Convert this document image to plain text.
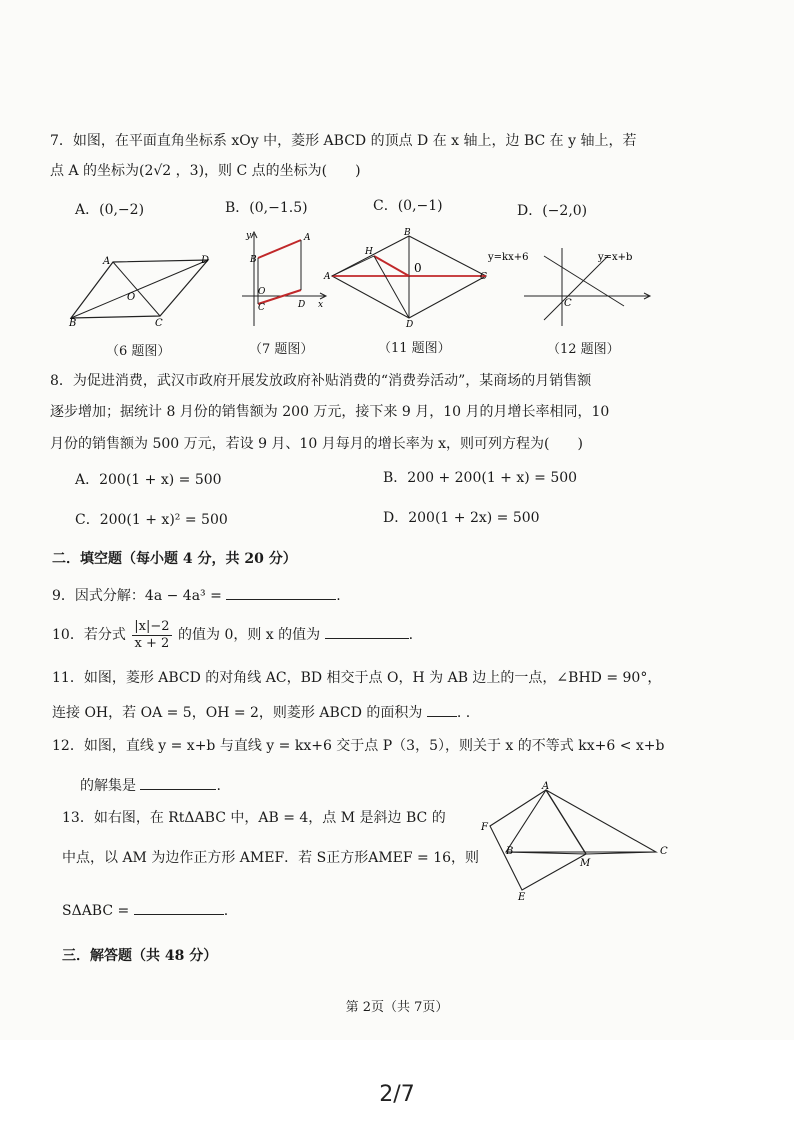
7．如图，在平面直角坐标系 xOy 中，菱形 ABCD 的顶点 D 在 x 轴上，边 BC 在 y 轴上，若
点 A 的坐标为(2√2 ，3)，则 C 点的坐标为(　　)
A．(0,−2)	B．(0,−1.5)	C．(0,−1)	D．(−2,0)
A	D
O
B	C
（6 题图）
y	A
B
O
C	D x
（7 题图）
B
H
0
A	C
D
（11 题图）
y=kx+6	y=x+b
C
（12 题图）
8．为促进消费，武汉市政府开展发放政府补贴消费的“消费券活动”，某商场的月销售额
逐步增加；据统计 8 月份的销售额为 200 万元，接下来 9 月，10 月的月增长率相同，10
月份的销售额为 500 万元，若设 9 月、10 月每月的增长率为 x，则可列方程为(　　)
A．200(1 + x) = 500	B．200 + 200(1 + x) = 500
C．200(1 + x)² = 500	D．200(1 + 2x) = 500
二．填空题（每小题 4 分，共 20 分）
9．因式分解：4a − 4a³ =	.
10．若分式 $\frac{|x|-2}{x + 2}$ 的值为 0，则 x 的值为	.
11．如图，菱形 ABCD 的对角线 AC，BD 相交于点 O，H 为 AB 边上的一点，∠BHD = 90°，
连接 OH，若 OA = 5，OH = 2，则菱形 ABCD 的面积为 . .
12．如图，直线 y = x+b 与直线 y = kx+6 交于点 P（3，5），则关于 x 的不等式 kx+6 < x+b
的解集是	.
13．如右图，在 RtΔABC 中，AB = 4，点 M 是斜边 BC 的
中点，以 AM 为边作正方形 AMEF．若 S正方形AMEF = 16，则
SΔABC =	.
A
F
B
M
C
E
三．解答题（共 48 分）
第 2页（共 7页）
2/7
